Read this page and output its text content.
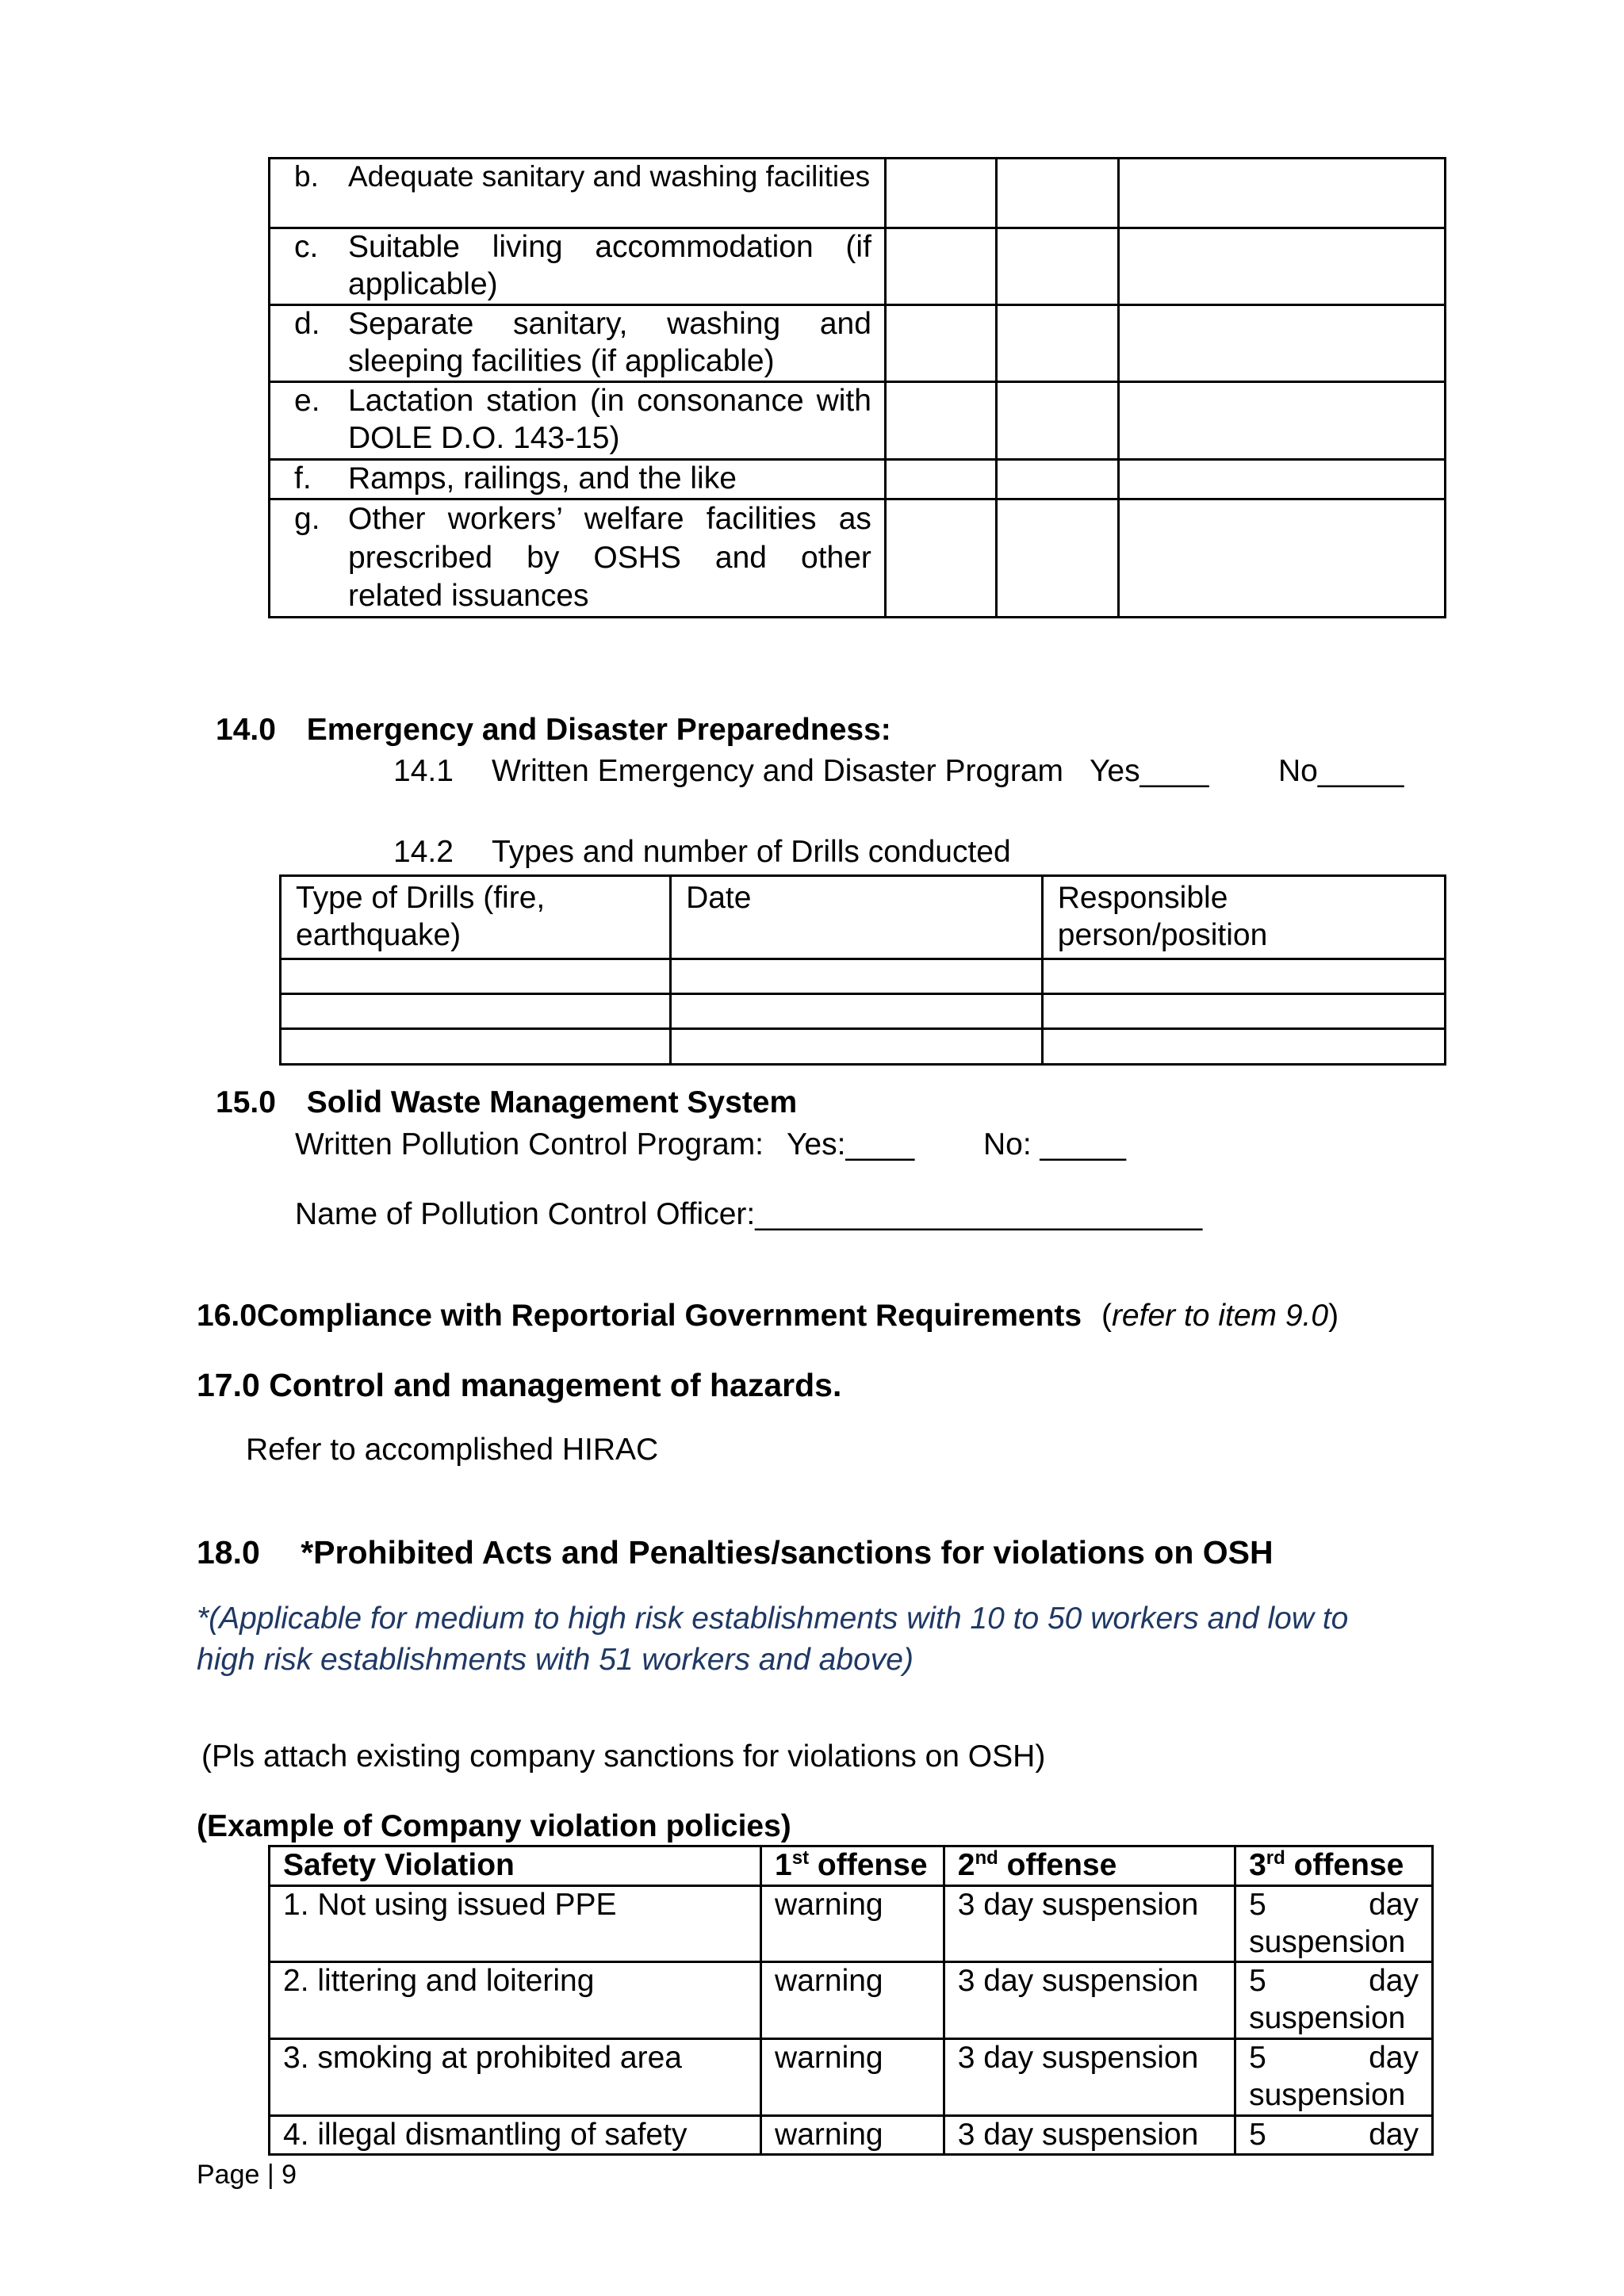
b. Adequate sanitary and washing facilities			

c. Suitable living accommodation (if applicable)			

d. Separate sanitary, washing and sleeping facilities (if applicable)			

e. Lactation station (in consonance with DOLE D.O. 143-15)			

f. Ramps, railings, and the like			

g. Other workers’ welfare facilities as prescribed by OSHS and other related issuances			

14.0 Emergency and Disaster Preparedness:
14.1 Written Emergency and Disaster Program Yes____ No_____
14.2 Types and number of Drills conducted
Type of Drills (fire, earthquake)	Date	Responsible person/position

15.0 Solid Waste Management System
Written Pollution Control Program: Yes:____ No: _____
Name of Pollution Control Officer:__________________________
16.0Compliance with Reportorial Government Requirements (refer to item 9.0)
17.0 Control and management of hazards.
Refer to accomplished HIRAC
18.0 *Prohibited Acts and Penalties/sanctions for violations on OSH
*(Applicable for medium to high risk establishments with 10 to 50 workers and low to high risk establishments with 51 workers and above)
(Pls attach existing company sanctions for violations on OSH)
(Example of Company violation policies)
Safety Violation	1st offense	2nd offense	3rd offense
1. Not using issued PPE	warning	3 day suspension	5 day
suspension

2. littering and loitering	warning	3 day suspension	5 day
suspension

3. smoking at prohibited area	warning	3 day suspension	5 day
suspension

4. illegal dismantling of safety	warning	3 day suspension	5 day
Page | 9
